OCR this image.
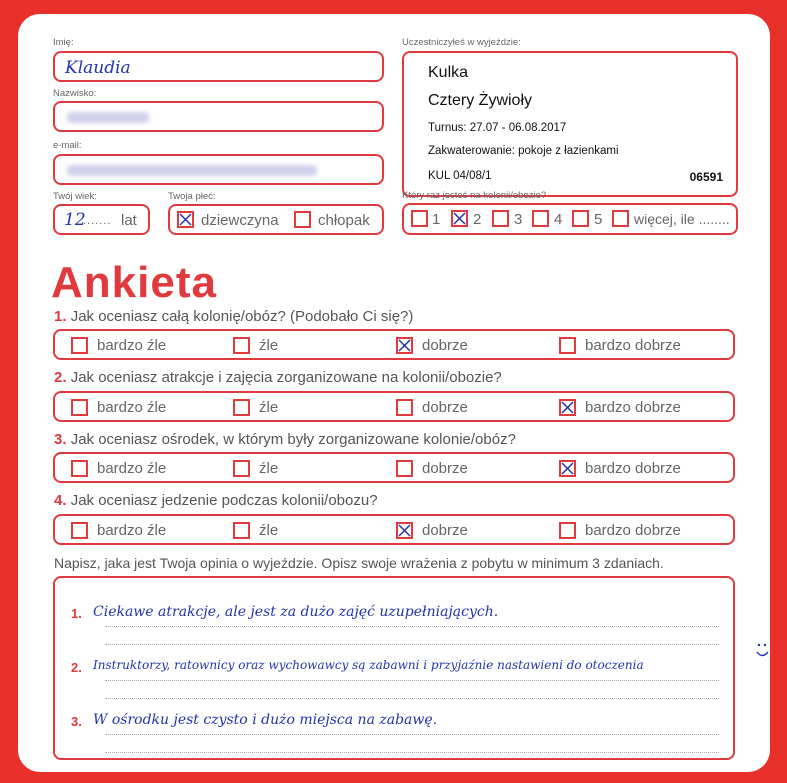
Imię:
Klaudia
Nazwisko:
e-mail:
Twój wiek:
12
....... lat
Twoja płeć:
dziewczyna	chłopak
Uczestniczyłeś w wyjeździe:
Kulka
Cztery Żywioły
Turnus: 27.07 - 06.08.2017
Zakwaterowanie: pokoje z łazienkami
KUL 04/08/1	06591
Który raz jesteś na kolonii/obozie?
1 2 3 4 5 więcej, ile ........
Ankieta
1. Jak oceniasz całą kolonię/obóz? (Podobało Ci się?)
bardzo źle	źle	dobrze	bardzo dobrze
2. Jak oceniasz atrakcje i zajęcia zorganizowane na kolonii/obozie?
bardzo źle	źle	dobrze	bardzo dobrze
3. Jak oceniasz ośrodek, w którym były zorganizowane kolonie/obóz?
bardzo źle	źle	dobrze	bardzo dobrze
4. Jak oceniasz jedzenie podczas kolonii/obozu?
bardzo źle	źle	dobrze	bardzo dobrze
Napisz, jaka jest Twoja opinia o wyjeździe. Opisz swoje wrażenia z pobytu w minimum 3 zdaniach.
1. Ciekawe atrakcje, ale jest za dużo zajęć uzupełniających.
2. Instruktorzy, ratownicy oraz wychowawcy są zabawni i przyjaźnie nastawieni do otoczenia
3. W ośrodku jest czysto i dużo miejsca na zabawę.
